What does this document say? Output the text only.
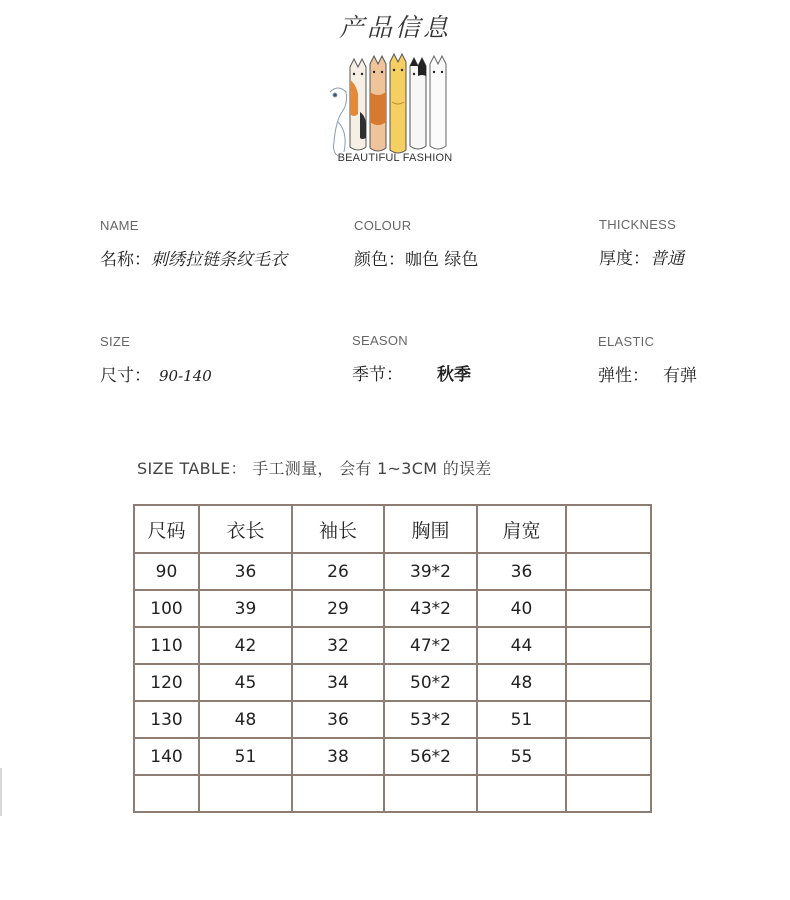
产品信息
BEAUTIFUL FASHION
NAME
名称：刺绣拉链条纹毛衣
COLOUR
颜色：咖色 绿色
THICKNESS
厚度：普通
SIZE
尺寸： 90-140
SEASON
季节： 秋季
ELASTIC
弹性： 有弹
SIZE TABLE： 手工测量， 会有 1~3CM 的误差
尺码	衣长	袖长	胸围	肩宽	
90	36	26	39*2	36	
100	39	29	43*2	40	
110	42	32	47*2	44	
120	45	34	50*2	48	
130	48	36	53*2	51	
140	51	38	56*2	55	
